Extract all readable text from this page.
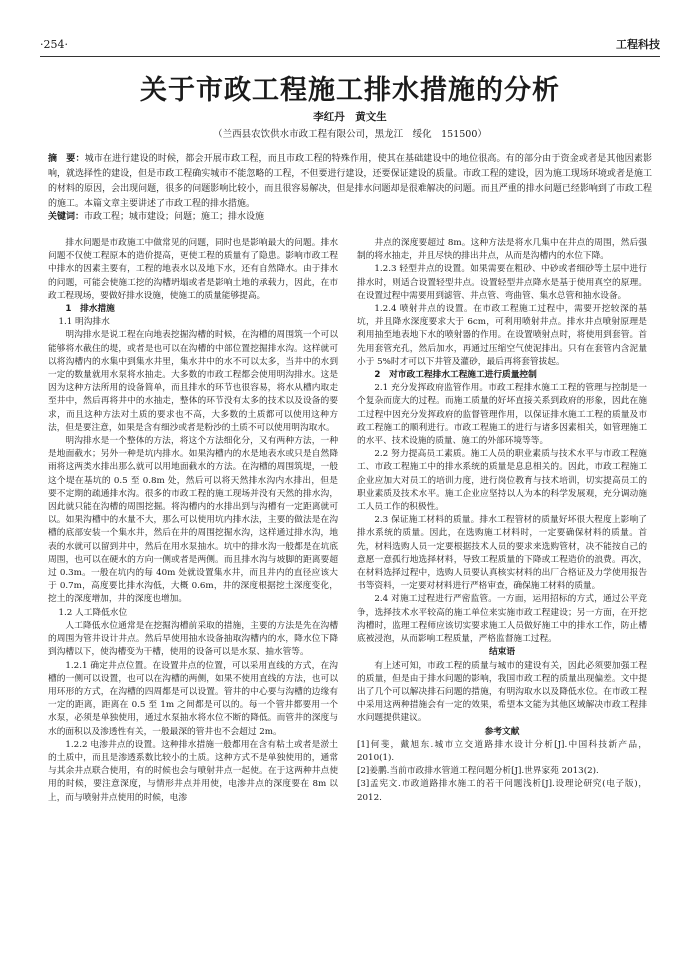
·254·	工程科技
关于市政工程施工排水措施的分析
李红丹　黄文生
（兰西县农饮供水市政工程有限公司，黑龙江　绥化　151500）
摘　要：城市在进行建设的时候，都会开展市政工程，而且市政工程的特殊作用，使其在基础建设中的地位很高。有的部分由于资金或者是其他因素影响，就选择性的建设，但是市政工程确实城市不能忽略的工程，不但要进行建设，还要保证建设的质量。市政工程的建设，因为施工现场环境或者是施工的材料的原因，会出现问题，很多的问题影响比较小，而且很容易解决，但是排水问题却是很难解决的问题。而且严重的排水问题已经影响到了市政工程的施工。本篇文章主要讲述了市政工程的排水措施。
关键词：市政工程；城市建设；问题；施工；排水设施

排水问题是市政施工中做常见的问题，同时也是影响最大的问题。排水问题不仅使工程原本的造价提高，更使工程的质量有了隐患。影响市政工程中排水的因素主要有，工程的地表水以及地下水，还有自然降水。由于排水的问题，可能会使施工挖的沟槽坍塌或者是影响土地的承载力，因此，在市政工程现场，要做好排水设施，使施工的质量能够提高。

1　排水措施

1.1 明沟排水

明沟排水是说工程在向地表挖掘沟槽的时候，在沟槽的周围筑一个可以能够将水截住的堤，或者是也可以在沟槽的中部位置挖掘排水沟。这样就可以将沟槽内的水集中到集水井里，集水井中的水不可以太多，当井中的水到一定的数量就用水泵将水抽走。大多数的市政工程都会使用明沟排水。这是因为这种方法所用的设备简单，而且排水的环节也很容易，将水从槽内取走至井中，然后再将井中的水抽走，整体的环节没有太多的技术以及设备的要求，而且这种方法对土质的要求也不高，大多数的土质都可以使用这种方法，但是要注意，如果是含有细沙或者是粉沙的土质不可以使用明沟取水。

明沟排水是一个整体的方法，将这个方法细化分，又有两种方法，一种是地面截水；另外一种是坑内排水。如果沟槽内的水是地表水或只是自然降雨将这两类水排出那么就可以用地面截水的方法。在沟槽的周围筑堤，一般这个堤在基坑的 0.5 至 0.8m 处，然后可以将天然排水沟内水排出，但是要不定期的疏通排水沟。很多的市政工程的施工现场并没有天然的排水沟，因此就只能在沟槽的周围挖掘。将沟槽内的水排出到与沟槽有一定距离就可以。如果沟槽中的水量不大，那么可以使用坑内排水法，主要的做法是在沟槽的底部安装一个集水井，然后在井的周围挖掘水沟，这样通过排水沟，地表的水就可以留到井中，然后在用水泵抽水。坑中的排水沟一般都是在坑底周围，也可以在硬水的方向一侧或者是两侧。而且排水沟与坡脚的距离要超过 0.3m。一般在坑内的每 40m 处就设置集水井，而且井内的直径应该大于 0.7m，高度要比排水沟低，大概 0.6m，井的深度根据挖土深度变化，挖土的深度增加，井的深度也增加。

1.2 人工降低水位

人工降低水位通常是在挖掘沟槽前采取的措施，主要的方法是先在沟槽的周围为管井设计井点。然后早使用抽水设备抽取沟槽内的水，降水位下降到沟槽以下，使沟槽变为干槽，使用的设备可以是水泵、抽水管等。

1.2.1 确定井点位置。在设置井点的位置，可以采用直线的方式，在沟槽的一侧可以设置，也可以在沟槽的两侧，如果不使用直线的方法，也可以用环形的方式，在沟槽的四周都是可以设置。管井的中心要与沟槽的边缘有一定的距离，距离在 0.5 至 1m 之间都是可以的。每一个管井都要用一个水泵，必须是单独使用，通过水泵抽水将水位不断的降低。而管井的深度与水的面积以及渗透性有关，一般最深的管井也不会超过 2m。

1.2.2 电渗井点的设置。这种排水措施一般都用在含有粘土或者是淤土的土质中，而且是渗透系数比较小的土质。这种方式不是单独使用的，通常与其余井点联合使用，有的时候也会与喷射井点一起使。在于这两种井点使用的时候，要注意深度，与情形井点并用使，电渗井点的深度要在 8m 以上，而与喷射井点使用的时候，电渗

井点的深度要超过 8m。这种方法是将水几集中在井点的周围，然后强制的将水抽走，并且尽快的排出井点，从而是沟槽内的水位下降。

1.2.3 轻型井点的设置。如果需要在粗砂、中砂或者细砂等土层中进行排水时，则适合设置轻型井点。设置轻型井点降水是基于使用真空的原理。在设置过程中需要用到滤管、井点管、弯曲管、集水总管和抽水设备。

1.2.4 喷射井点的设置。在市政工程施工过程中，需要开挖较深的基坑，并且降水深度要求大于 6cm，可利用喷射井点。排水井点喷射原理是利用抽至地表地下水的喷射器的作用。在设置喷射点时，将使用到套管。首先用套管充孔，然后加水，再通过压缩空气使泥排出。只有在套管内含泥量小于 5%时才可以下井管及灌砂，最后再将套管拔起。

2　对市政工程排水工程施工进行质量控制

2.1 充分发挥政府监管作用。市政工程排水施工工程的管理与控制是一个复杂而庞大的过程。而施工质量的好坏直接关系到政府的形象，因此在施工过程中因充分发挥政府的监督管理作用，以保证排水施工工程的质量及市政工程施工的顺利进行。市政工程施工的进行与诸多因素相关，如管理施工的水平、技术设施的质量、施工的外部环境等等。

2.2 努力提高员工素质。施工人员的职业素质与技术水平与市政工程施工、市政工程施工中的排水系统的质量是息息相关的。因此，市政工程施工企业应加大对员工的培训力度，进行岗位教育与技术培训，切实提高员工的职业素质及技术水平。施工企业应坚持以人为本的科学发展观，充分调动施工人员工作的积极性。

2.3 保证施工材料的质量。排水工程管材的质量好坏很大程度上影响了排水系统的质量。因此，在选购施工材料时，一定要确保材料的质量。首先，材料选购人员一定要根据技术人员的要求来选购管材，决不能按自己的意愿一意孤行地选择材料，导致工程质量的下降或工程造价的浪费。再次，在材料选择过程中，选购人员要认真核实材料的出厂合格证及力学使用报告书等资料，一定要对材料进行严格审查，确保施工材料的质量。

2.4 对施工过程进行严密监管。一方面，运用招标的方式，通过公平竞争，选择技术水平较高的施工单位来实施市政工程建设；另一方面，在开挖沟槽时，监理工程师应该切实要求施工人员做好施工中的排水工作，防止槽底被浸泡，从而影响工程质量，严格监督施工过程。

结束语

有上述可知，市政工程的质量与城市的建设有关，因此必须要加强工程的质量，但是由于排水问题的影响，我国市政工程的质量出现偏差。文中提出了几个可以解决排石问题的措施，有明沟取水以及降低水位。在市政工程中采用这两种措施会有一定的效果，希望本文能为其他区域解决市政工程排水问题提供建议。

参考文献

[1]何斐，戴旭东.城市立交道路排水设计分析[J].中国科技新产品，2010(1).

[2]姜鹏.当前市政排水管道工程问题分析[J].世界家苑 2013(2).

[3]孟宪文.市政道路排水施工的若干问题浅析[J].设理论研究(电子版)，2012.
